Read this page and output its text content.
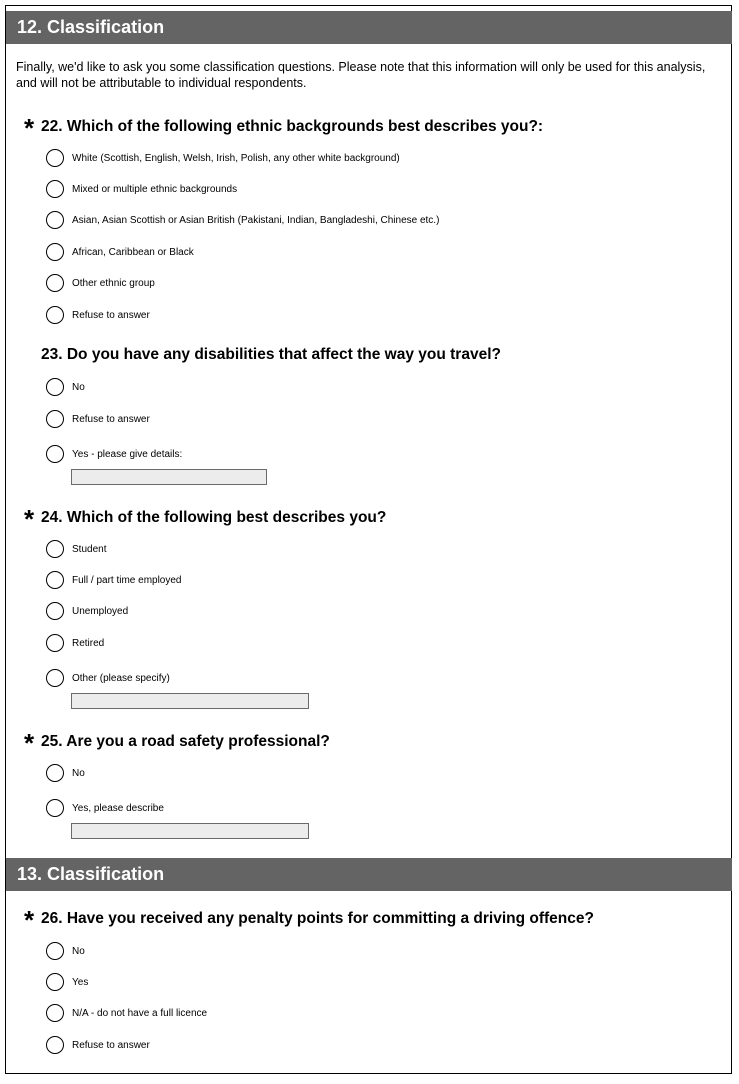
12. Classification
Finally, we'd like to ask you some classification questions. Please note that this information will only be used for this analysis, and will not be attributable to individual respondents.
* 22. Which of the following ethnic backgrounds best describes you?:
White (Scottish, English, Welsh, Irish, Polish, any other white background)
Mixed or multiple ethnic backgrounds
Asian, Asian Scottish or Asian British (Pakistani, Indian, Bangladeshi, Chinese etc.)
African, Caribbean or Black
Other ethnic group
Refuse to answer
23. Do you have any disabilities that affect the way you travel?
No
Refuse to answer
Yes - please give details:
* 24. Which of the following best describes you?
Student
Full / part time employed
Unemployed
Retired
Other (please specify)
* 25. Are you a road safety professional?
No
Yes, please describe
13. Classification
* 26. Have you received any penalty points for committing a driving offence?
No
Yes
N/A - do not have a full licence
Refuse to answer
